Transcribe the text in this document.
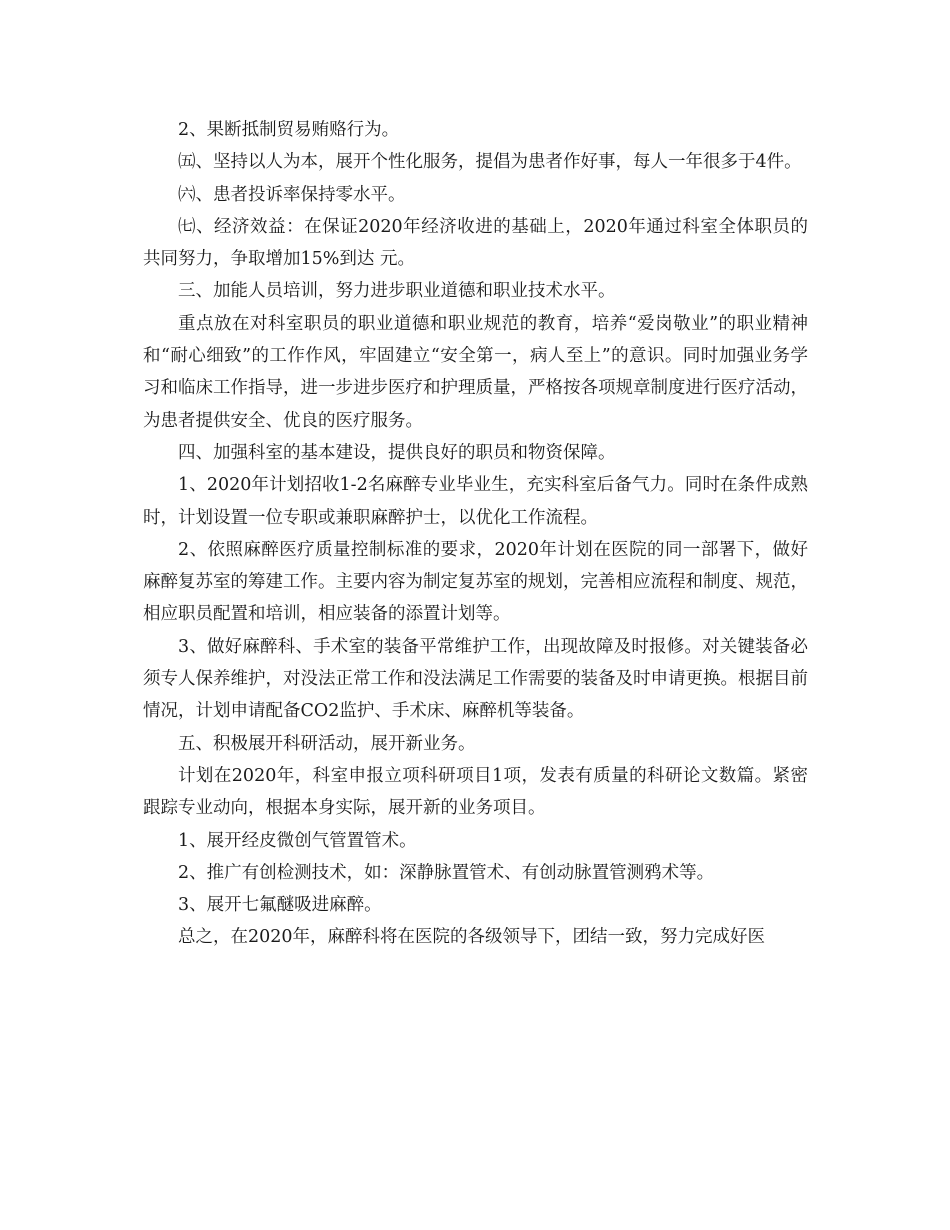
2、果断抵制贸易贿赂行为。

㈤、坚持以人为本，展开个性化服务，提倡为患者作好事，每人一年很多于4件。

㈥、患者投诉率保持零水平。

㈦、经济效益：在保证2020年经济收进的基础上，2020年通过科室全体职员的共同努力，争取增加15%到达 元。

三、加能人员培训，努力进步职业道德和职业技术水平。

重点放在对科室职员的职业道德和职业规范的教育，培养“爱岗敬业”的职业精神和“耐心细致”的工作作风，牢固建立“安全第一，病人至上”的意识。同时加强业务学习和临床工作指导，进一步进步医疗和护理质量，严格按各项规章制度进行医疗活动，为患者提供安全、优良的医疗服务。

四、加强科室的基本建设，提供良好的职员和物资保障。

1、2020年计划招收1-2名麻醉专业毕业生，充实科室后备气力。同时在条件成熟时，计划设置一位专职或兼职麻醉护士，以优化工作流程。

2、依照麻醉医疗质量控制标准的要求，2020年计划在医院的同一部署下，做好麻醉复苏室的筹建工作。主要内容为制定复苏室的规划，完善相应流程和制度、规范，相应职员配置和培训，相应装备的添置计划等。

3、做好麻醉科、手术室的装备平常维护工作，出现故障及时报修。对关键装备必须专人保养维护，对没法正常工作和没法满足工作需要的装备及时申请更换。根据目前情况，计划申请配备CO2监护、手术床、麻醉机等装备。

五、积极展开科研活动，展开新业务。

计划在2020年，科室申报立项科研项目1项，发表有质量的科研论文数篇。紧密跟踪专业动向，根据本身实际，展开新的业务项目。

1、展开经皮微创气管置管术。

2、推广有创检测技术，如：深静脉置管术、有创动脉置管测鸦术等。

3、展开七氟醚吸进麻醉。

总之，在2020年，麻醉科将在医院的各级领导下，团结一致，努力完成好医
